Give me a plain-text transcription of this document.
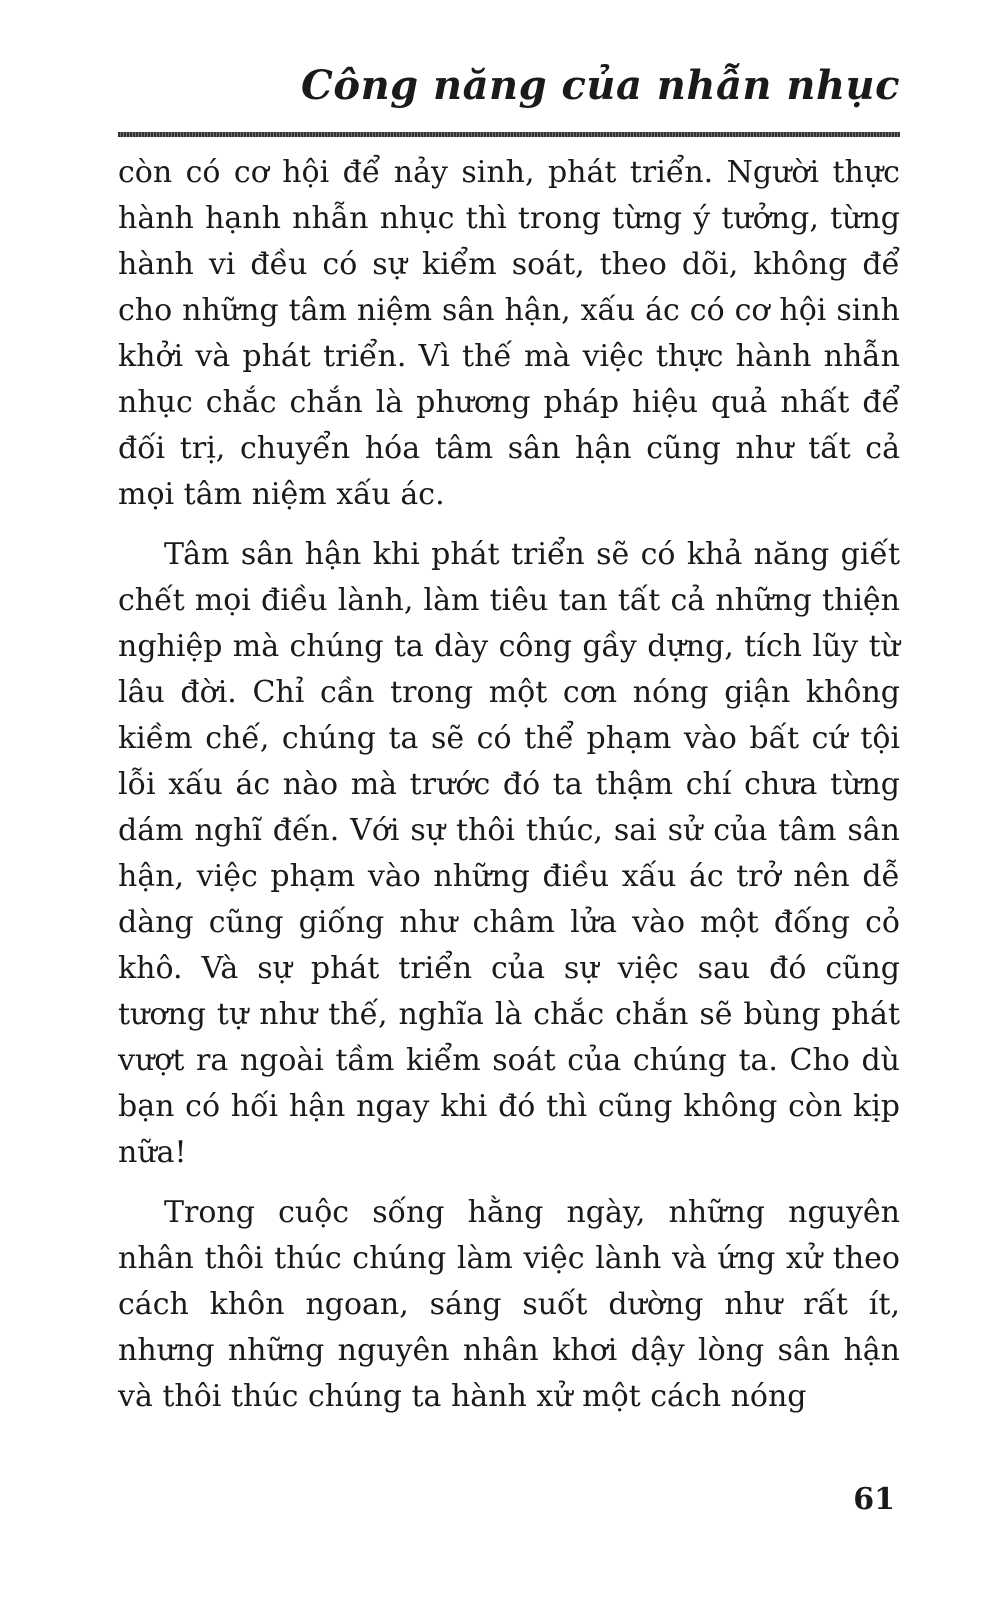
Công năng của nhẫn nhục

còn có cơ hội để nảy sinh, phát triển. Người thực hành hạnh nhẫn nhục thì trong từng ý tưởng, từng hành vi đều có sự kiểm soát, theo dõi, không để cho những tâm niệm sân hận, xấu ác có cơ hội sinh khởi và phát triển. Vì thế mà việc thực hành nhẫn nhục chắc chắn là phương pháp hiệu quả nhất để đối trị, chuyển hóa tâm sân hận cũng như tất cả mọi tâm niệm xấu ác.

Tâm sân hận khi phát triển sẽ có khả năng giết chết mọi điều lành, làm tiêu tan tất cả những thiện nghiệp mà chúng ta dày công gầy dựng, tích lũy từ lâu đời. Chỉ cần trong một cơn nóng giận không kiềm chế, chúng ta sẽ có thể phạm vào bất cứ tội lỗi xấu ác nào mà trước đó ta thậm chí chưa từng dám nghĩ đến. Với sự thôi thúc, sai sử của tâm sân hận, việc phạm vào những điều xấu ác trở nên dễ dàng cũng giống như châm lửa vào một đống cỏ khô. Và sự phát triển của sự việc sau đó cũng tương tự như thế, nghĩa là chắc chắn sẽ bùng phát vượt ra ngoài tầm kiểm soát của chúng ta. Cho dù bạn có hối hận ngay khi đó thì cũng không còn kịp nữa!

Trong cuộc sống hằng ngày, những nguyên nhân thôi thúc chúng làm việc lành và ứng xử theo cách khôn ngoan, sáng suốt dường như rất ít, nhưng những nguyên nhân khơi dậy lòng sân hận và thôi thúc chúng ta hành xử một cách nóng

61
